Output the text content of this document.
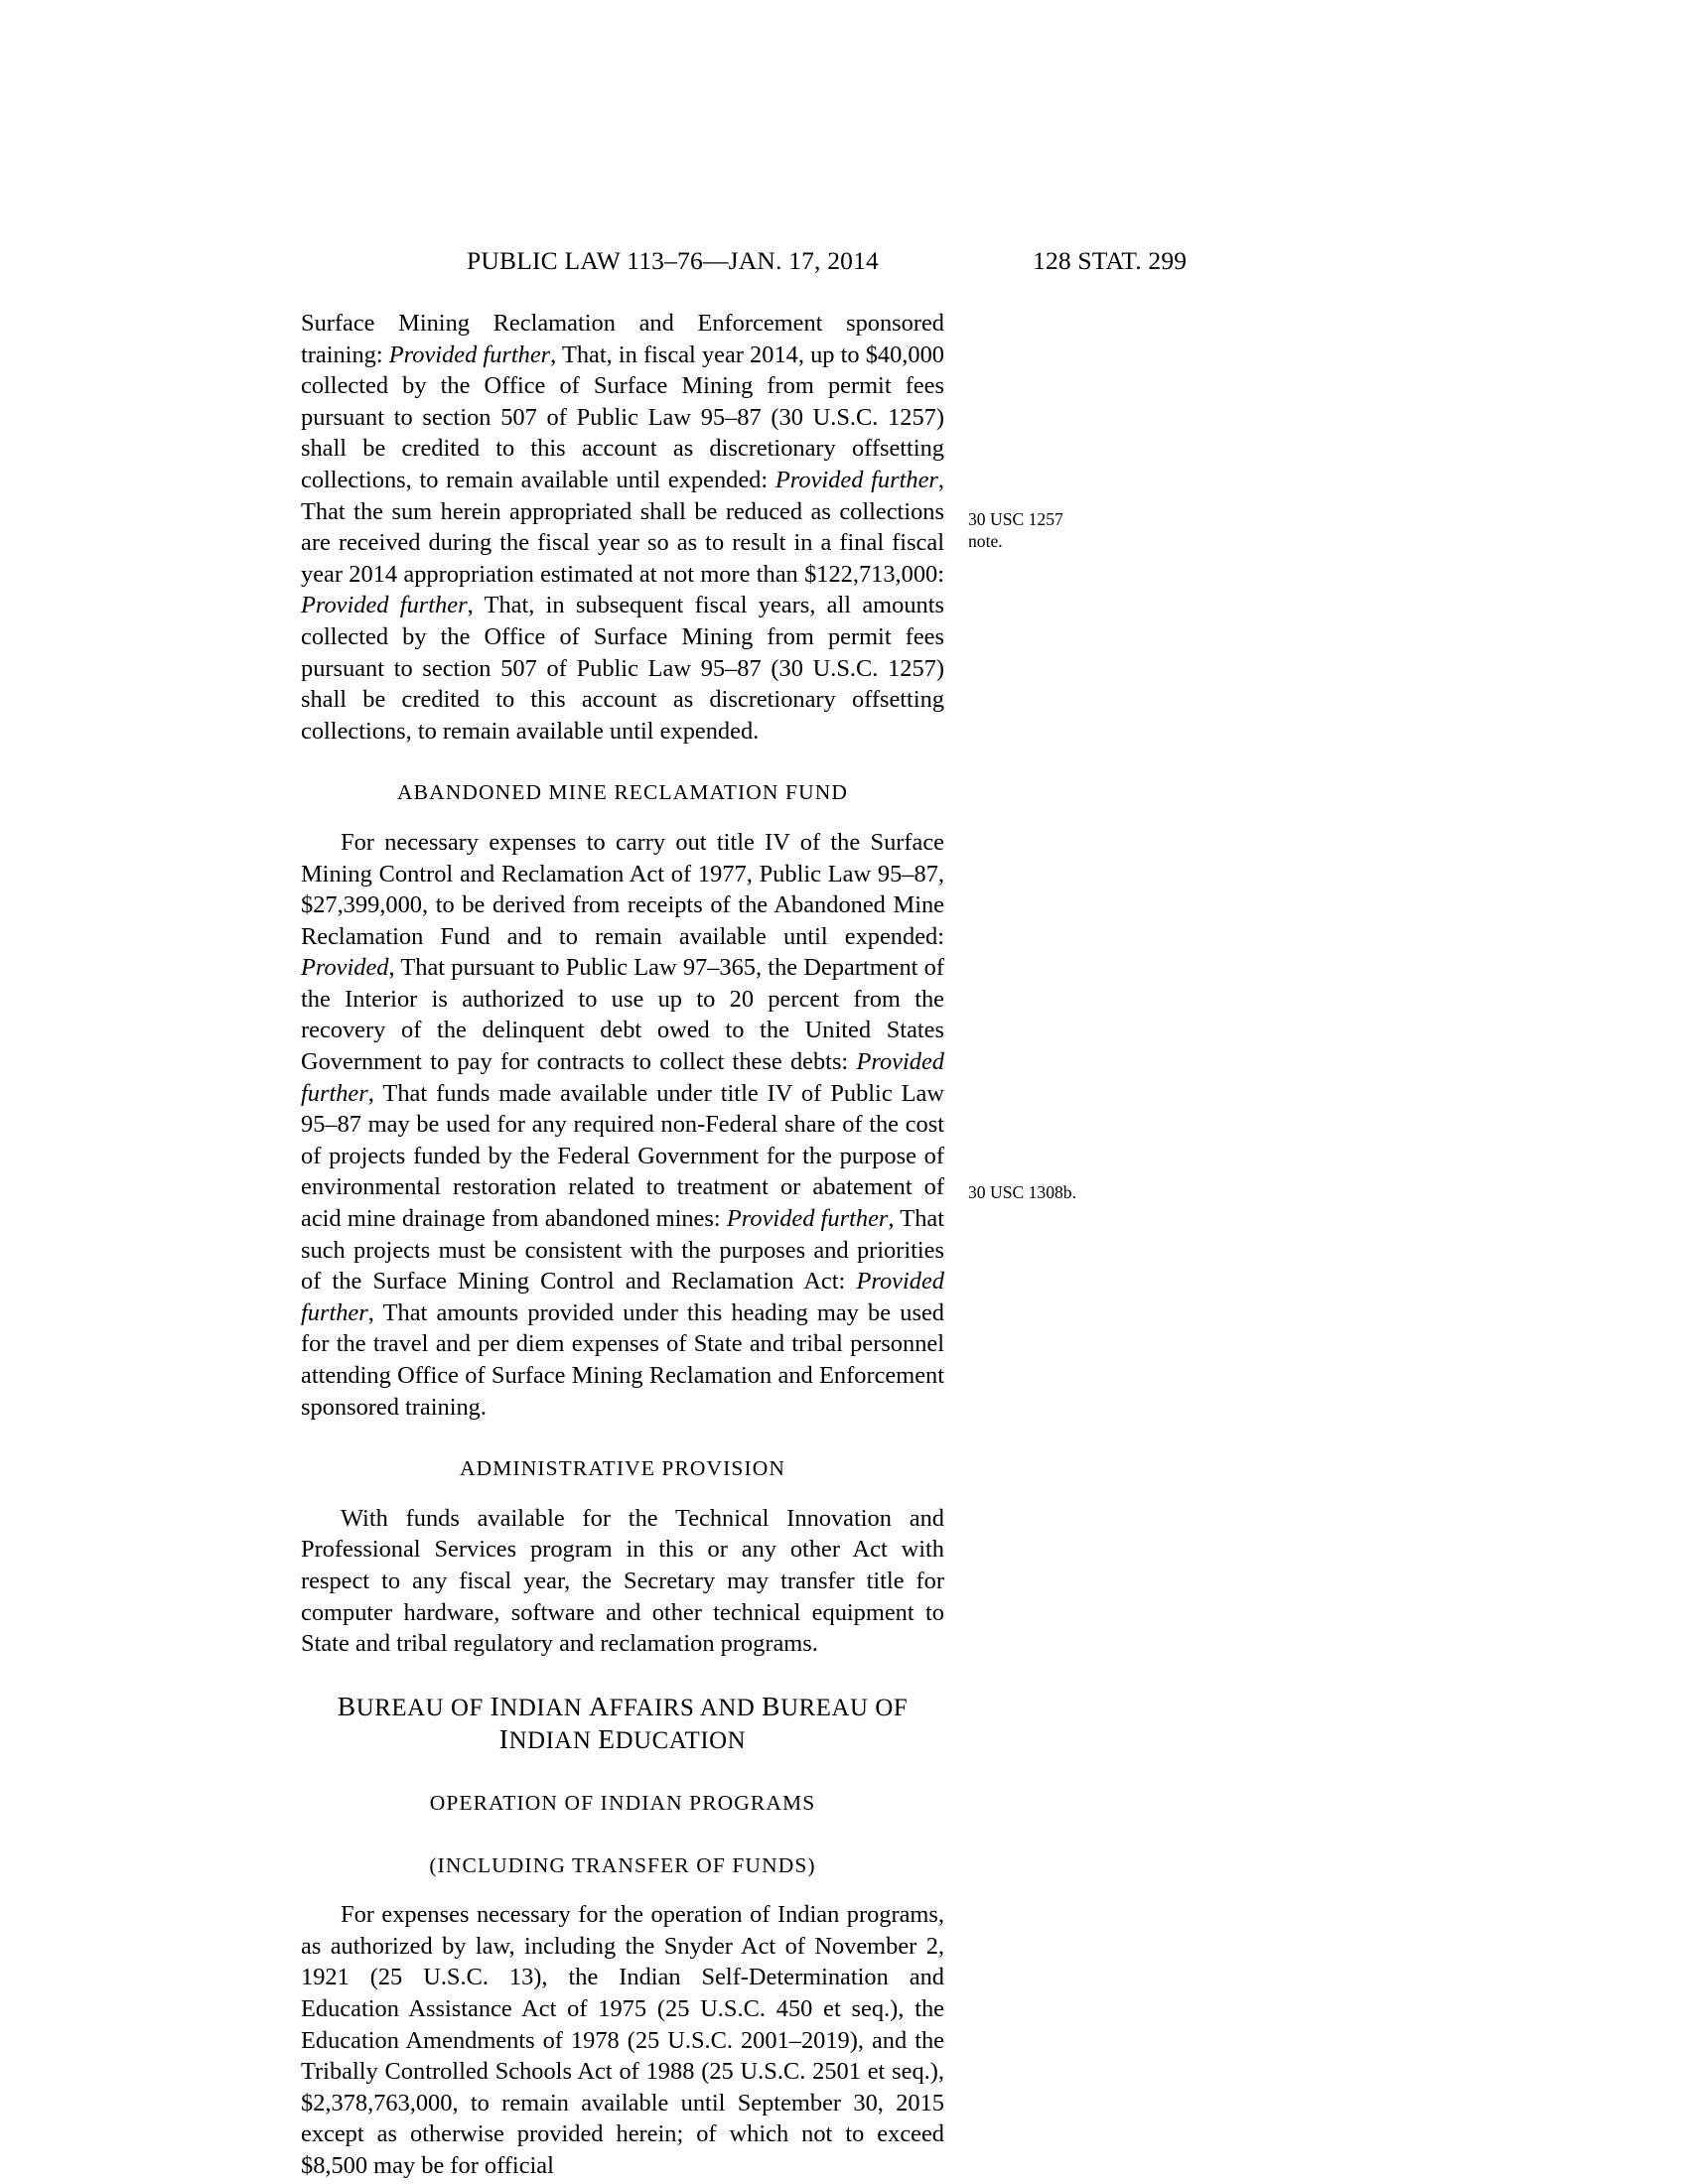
PUBLIC LAW 113–76—JAN. 17, 2014	128 STAT. 299
30 USC 1257
note.
30 USC 1308b.

Surface Mining Reclamation and Enforcement sponsored training: Provided further, That, in fiscal year 2014, up to $40,000 collected by the Office of Surface Mining from permit fees pursuant to section 507 of Public Law 95–87 (30 U.S.C. 1257) shall be credited to this account as discretionary offsetting collections, to remain available until expended: Provided further, That the sum herein appropriated shall be reduced as collections are received during the fiscal year so as to result in a final fiscal year 2014 appropriation estimated at not more than $122,713,000: Provided further, That, in subsequent fiscal years, all amounts collected by the Office of Surface Mining from permit fees pursuant to section 507 of Public Law 95–87 (30 U.S.C. 1257) shall be credited to this account as discretionary offsetting collections, to remain available until expended.

ABANDONED MINE RECLAMATION FUND

For necessary expenses to carry out title IV of the Surface Mining Control and Reclamation Act of 1977, Public Law 95–87, $27,399,000, to be derived from receipts of the Abandoned Mine Reclamation Fund and to remain available until expended: Provided, That pursuant to Public Law 97–365, the Department of the Interior is authorized to use up to 20 percent from the recovery of the delinquent debt owed to the United States Government to pay for contracts to collect these debts: Provided further, That funds made available under title IV of Public Law 95–87 may be used for any required non-Federal share of the cost of projects funded by the Federal Government for the purpose of environmental restoration related to treatment or abatement of acid mine drainage from abandoned mines: Provided further, That such projects must be consistent with the purposes and priorities of the Surface Mining Control and Reclamation Act: Provided further, That amounts provided under this heading may be used for the travel and per diem expenses of State and tribal personnel attending Office of Surface Mining Reclamation and Enforcement sponsored training.

ADMINISTRATIVE PROVISION

With funds available for the Technical Innovation and Professional Services program in this or any other Act with respect to any fiscal year, the Secretary may transfer title for computer hardware, software and other technical equipment to State and tribal regulatory and reclamation programs.

BUREAU OF INDIAN AFFAIRS AND BUREAU OF INDIAN EDUCATION

OPERATION OF INDIAN PROGRAMS

(INCLUDING TRANSFER OF FUNDS)

For expenses necessary for the operation of Indian programs, as authorized by law, including the Snyder Act of November 2, 1921 (25 U.S.C. 13), the Indian Self-Determination and Education Assistance Act of 1975 (25 U.S.C. 450 et seq.), the Education Amendments of 1978 (25 U.S.C. 2001–2019), and the Tribally Controlled Schools Act of 1988 (25 U.S.C. 2501 et seq.), $2,378,763,000, to remain available until September 30, 2015 except as otherwise provided herein; of which not to exceed $8,500 may be for official
